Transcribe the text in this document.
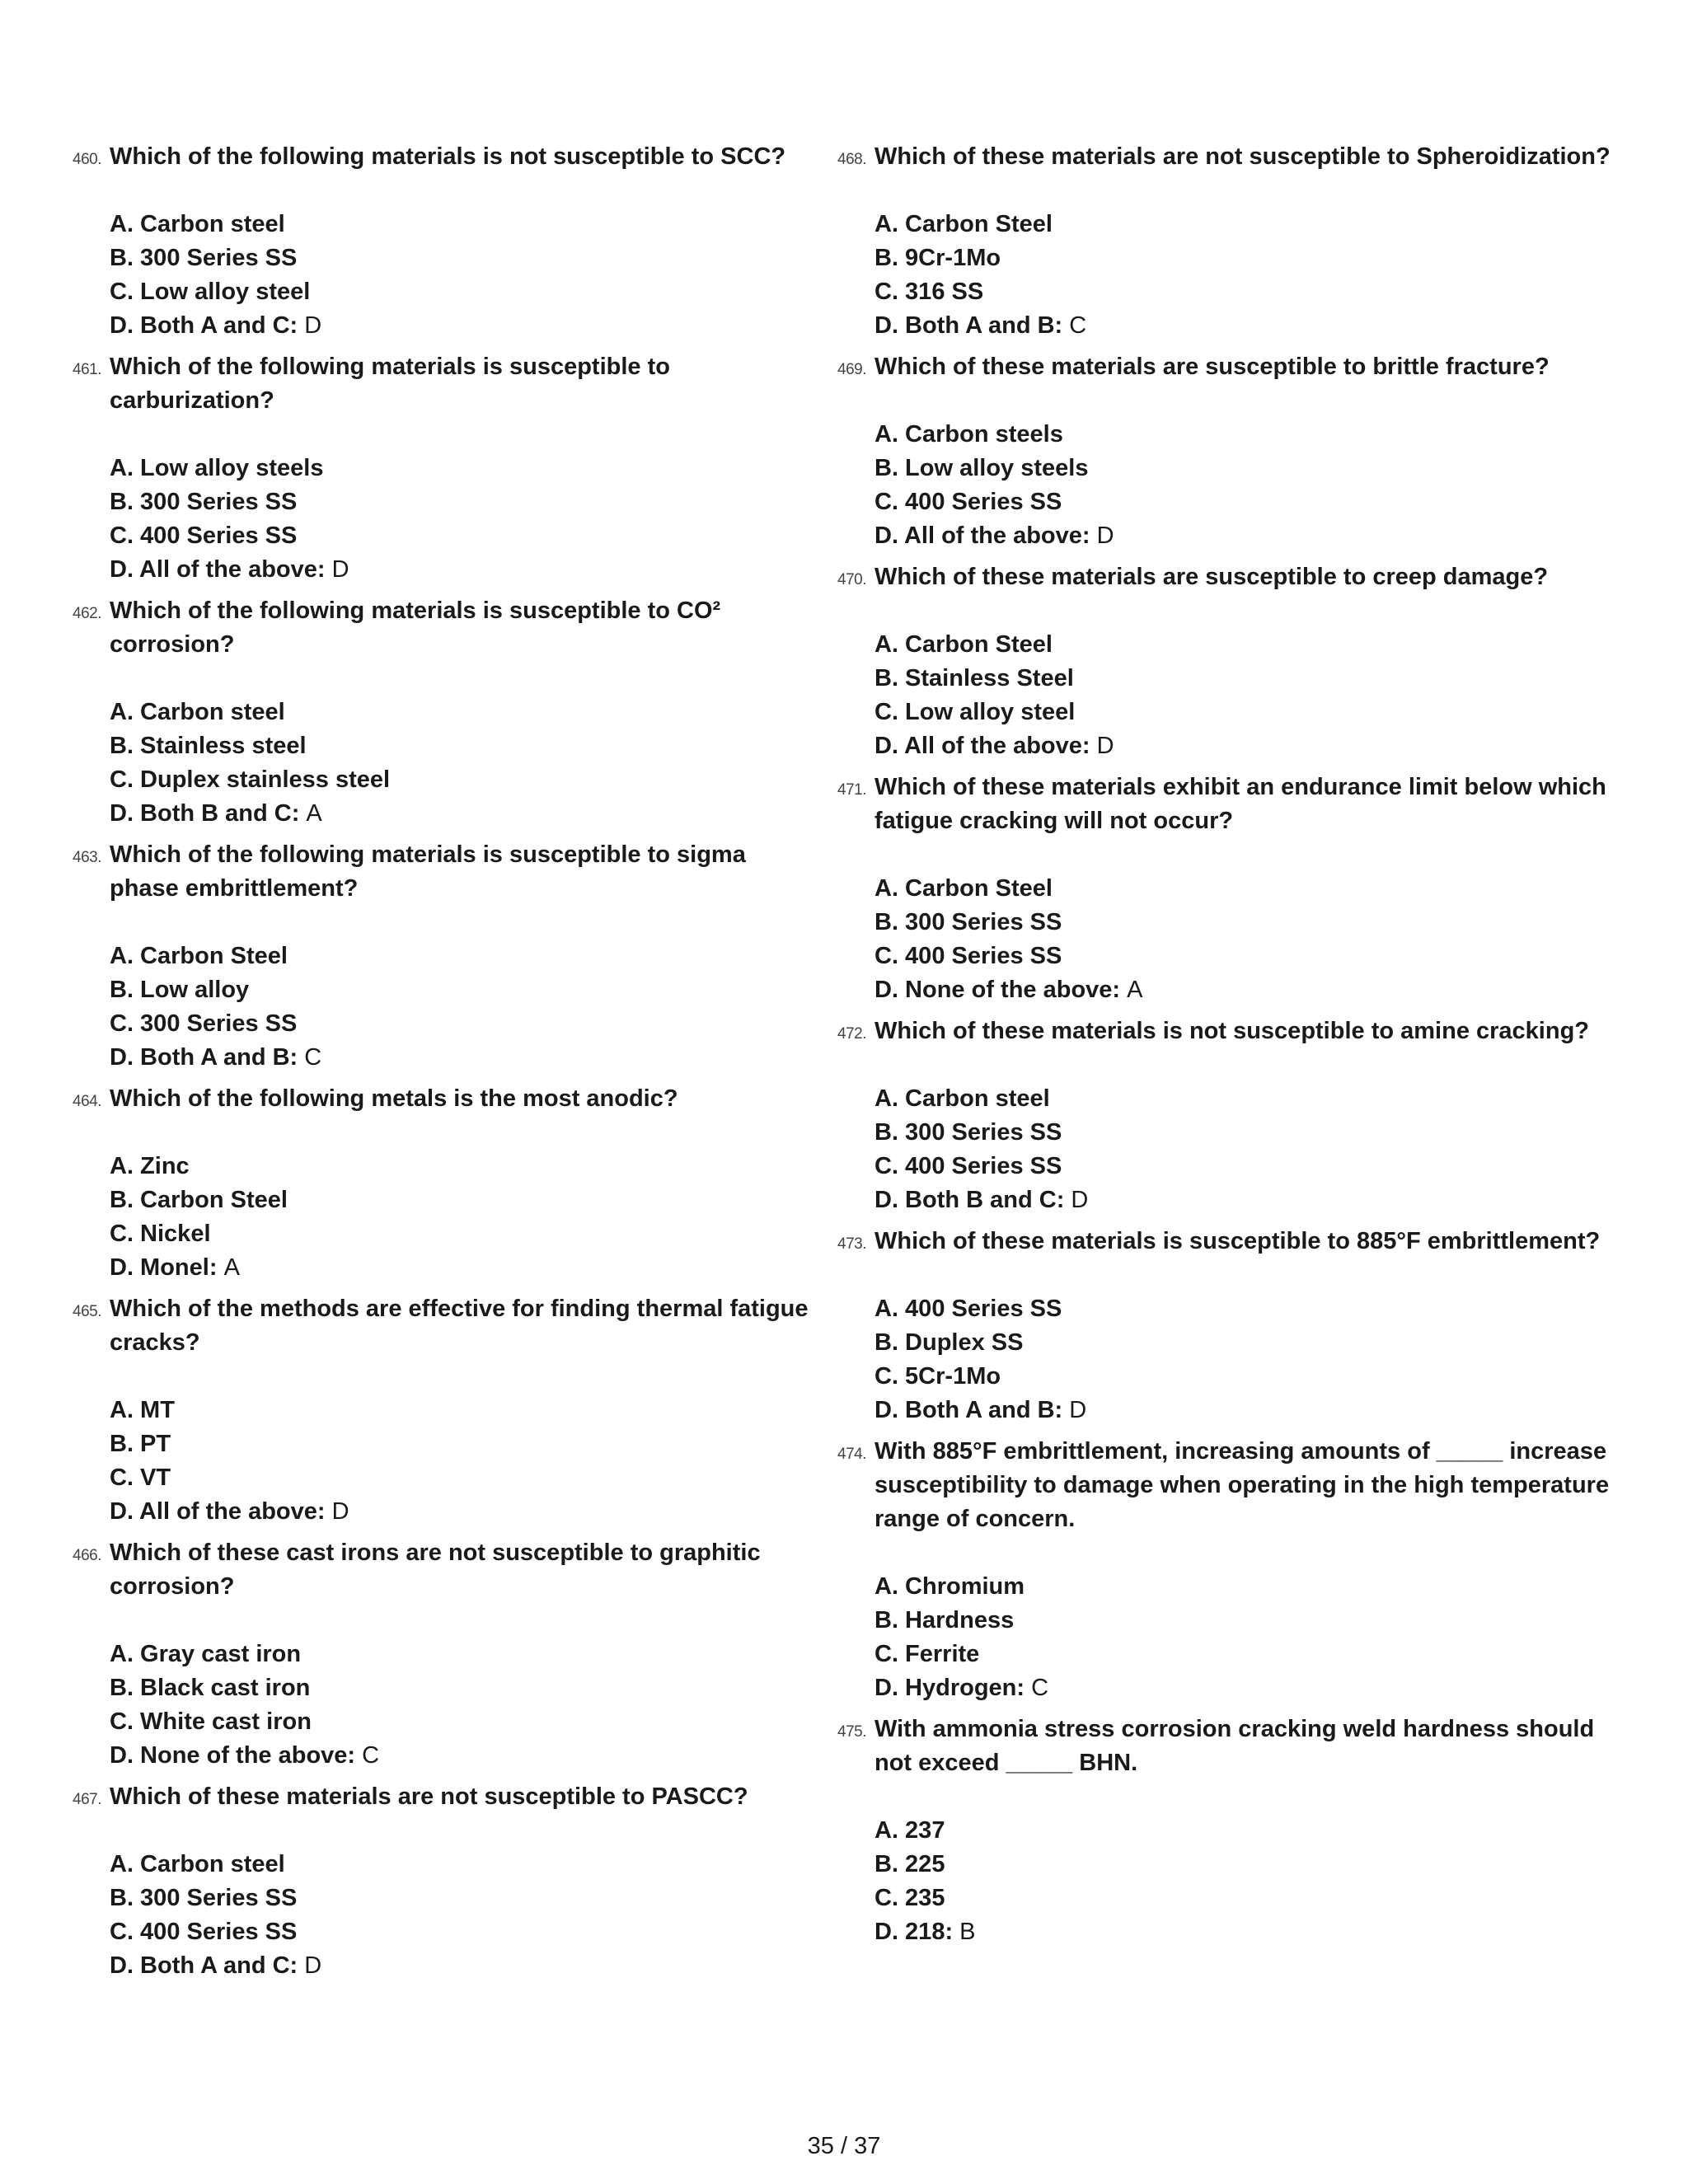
460. Which of the following materials is not susceptible to SCC?
A. Carbon steel
B. 300 Series SS
C. Low alloy steel
D. Both A and C: D
461. Which of the following materials is susceptible to carburization?
A. Low alloy steels
B. 300 Series SS
C. 400 Series SS
D. All of the above: D
462. Which of the following materials is susceptible to CO² corrosion?
A. Carbon steel
B. Stainless steel
C. Duplex stainless steel
D. Both B and C: A
463. Which of the following materials is susceptible to sigma phase embrittlement?
A. Carbon Steel
B. Low alloy
C. 300 Series SS
D. Both A and B: C
464. Which of the following metals is the most anodic?
A. Zinc
B. Carbon Steel
C. Nickel
D. Monel: A
465. Which of the methods are effective for finding thermal fatigue cracks?
A. MT
B. PT
C. VT
D. All of the above: D
466. Which of these cast irons are not susceptible to graphitic corrosion?
A. Gray cast iron
B. Black cast iron
C. White cast iron
D. None of the above: C
467. Which of these materials are not susceptible to PASCC?
A. Carbon steel
B. 300 Series SS
C. 400 Series SS
D. Both A and C: D
468. Which of these materials are not susceptible to Spheroidization?
A. Carbon Steel
B. 9Cr-1Mo
C. 316 SS
D. Both A and B: C
469. Which of these materials are susceptible to brittle fracture?
A. Carbon steels
B. Low alloy steels
C. 400 Series SS
D. All of the above: D
470. Which of these materials are susceptible to creep damage?
A. Carbon Steel
B. Stainless Steel
C. Low alloy steel
D. All of the above: D
471. Which of these materials exhibit an endurance limit below which fatigue cracking will not occur?
A. Carbon Steel
B. 300 Series SS
C. 400 Series SS
D. None of the above: A
472. Which of these materials is not susceptible to amine cracking?
A. Carbon steel
B. 300 Series SS
C. 400 Series SS
D. Both B and C: D
473. Which of these materials is susceptible to 885°F embrittlement?
A. 400 Series SS
B. Duplex SS
C. 5Cr-1Mo
D. Both A and B: D
474. With 885°F embrittlement, increasing amounts of _____ increase susceptibility to damage when operating in the high temperature range of concern.
A. Chromium
B. Hardness
C. Ferrite
D. Hydrogen: C
475. With ammonia stress corrosion cracking weld hardness should not exceed _____ BHN.
A. 237
B. 225
C. 235
D. 218: B
35 / 37
